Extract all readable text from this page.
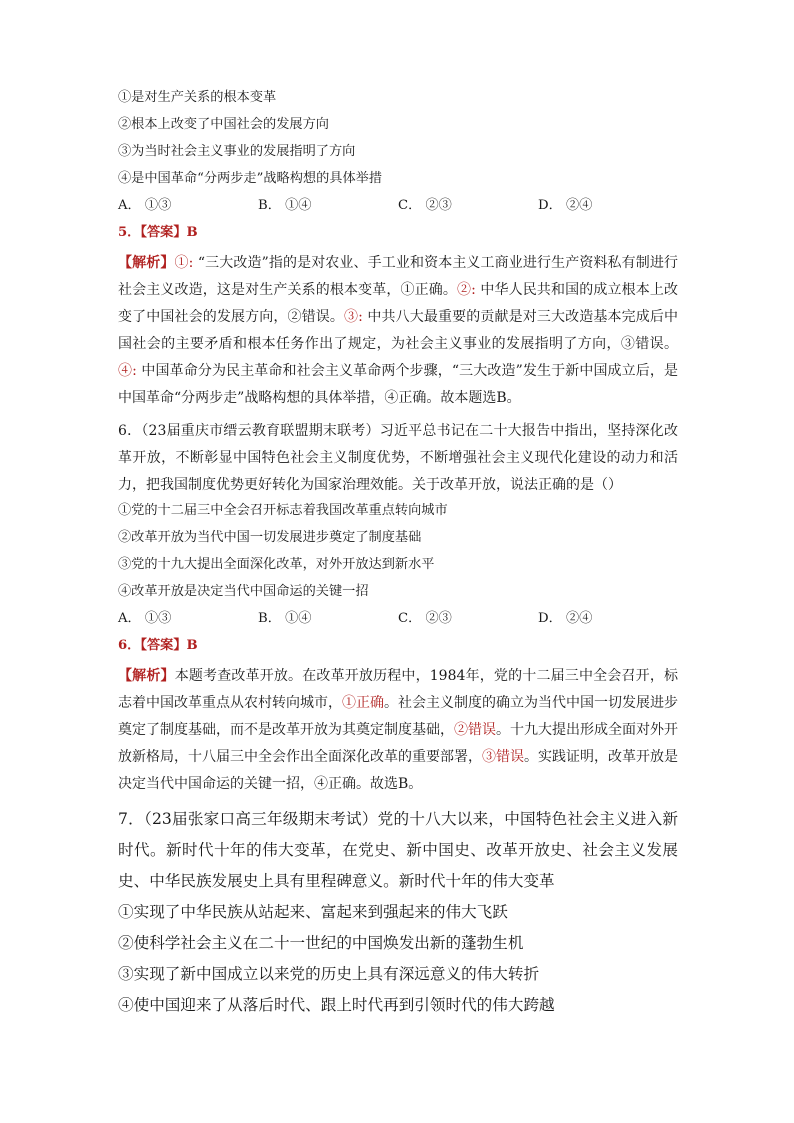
①是对生产关系的根本变革

②根本上改变了中国社会的发展方向

③为当时社会主义事业的发展指明了方向

④是中国革命“分两步走”战略构想的具体举措

A． ①③	B． ①④	C． ②③	D． ②④

5．【答案】B

【解析】①: “三大改造”指的是对农业、手工业和资本主义工商业进行生产资料私有制进行社会主义改造，这是对生产关系的根本变革，①正确。②: 中华人民共和国的成立根本上改变了中国社会的发展方向，②错误。③: 中共八大最重要的贡献是对三大改造基本完成后中国社会的主要矛盾和根本任务作出了规定，为社会主义事业的发展指明了方向，③错误。④: 中国革命分为民主革命和社会主义革命两个步骤，“三大改造”发生于新中国成立后，是中国革命“分两步走”战略构想的具体举措，④正确。故本题选B。

6．（23届重庆市缙云教育联盟期末联考）习近平总书记在二十大报告中指出，坚持深化改革开放，不断彰显中国特色社会主义制度优势，不断增强社会主义现代化建设的动力和活力，把我国制度优势更好转化为国家治理效能。关于改革开放，说法正确的是（）

①党的十二届三中全会召开标志着我国改革重点转向城市

②改革开放为当代中国一切发展进步奠定了制度基础

③党的十九大提出全面深化改革，对外开放达到新水平

④改革开放是决定当代中国命运的关键一招

A． ①③	B． ①④	C． ②③	D． ②④

6．【答案】B

【解析】本题考查改革开放。在改革开放历程中，1984年，党的十二届三中全会召开，标志着中国改革重点从农村转向城市，①正确。社会主义制度的确立为当代中国一切发展进步奠定了制度基础，而不是改革开放为其奠定制度基础，②错误。十九大提出形成全面对外开放新格局，十八届三中全会作出全面深化改革的重要部署，③错误。实践证明，改革开放是决定当代中国命运的关键一招，④正确。故选B。

7．（23届张家口高三年级期末考试）党的十八大以来，中国特色社会主义进入新时代。新时代十年的伟大变革，在党史、新中国史、改革开放史、社会主义发展史、中华民族发展史上具有里程碑意义。新时代十年的伟大变革

①实现了中华民族从站起来、富起来到强起来的伟大飞跃

②使科学社会主义在二十一世纪的中国焕发出新的蓬勃生机

③实现了新中国成立以来党的历史上具有深远意义的伟大转折

④使中国迎来了从落后时代、跟上时代再到引领时代的伟大跨越
